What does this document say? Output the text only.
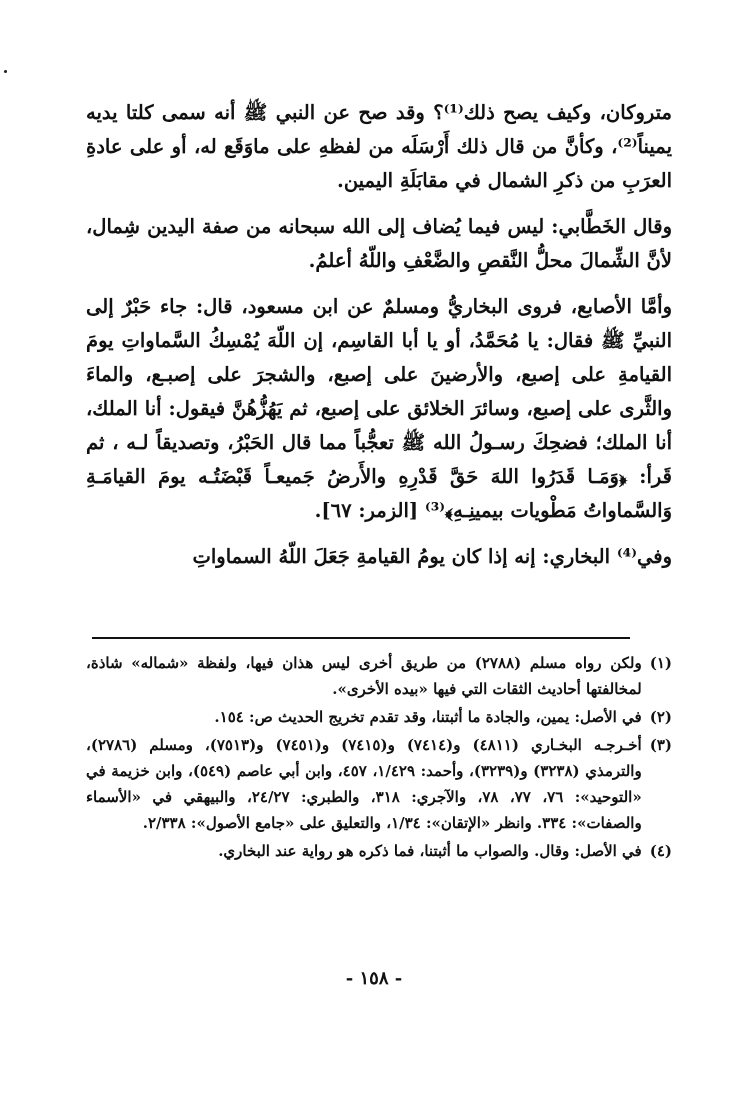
متروكان، وكيف يصح ذلك⁽¹⁾؟ وقد صح عن النبي ﷺ أنه سمى كلتا يديه يميناً⁽²⁾، وكأنَّ من قال ذلك أَرْسَلَه من لفظهِ على ماوَقَع له، أو على عادةِ العرَبِ من ذكرِ الشمال في مقابَلَةِ اليمين.

وقال الخَطَّابي: ليس فيما يُضاف إلى الله سبحانه من صفة اليدين شِمال، لأنَّ الشِّمالَ محلُّ النَّقصِ والضَّعْفِ واللّهُ أعلمُ.

وأمَّا الأصابع، فروى البخاريُّ ومسلمٌ عن ابن مسعود، قال: جاء حَبْرٌ إلى النبيِّ ﷺ فقال: يا مُحَمَّدُ، أو يا أبا القاسِم، إن اللّهَ يُمْسِكُ السَّماواتِ يومَ القيامةِ على إصبع، والأرضينَ على إصبع، والشجرَ على إصبـع، والماءَ والثَّرى على إصبع، وسائرَ الخلائق على إصبع، ثم يَهُزُّهُنَّ فيقول: أنا الملك، أنا الملك؛ فضحِكَ رسـولُ الله ﷺ تعجُّباً مما قال الحَبْرُ، وتصديقاً لـه ، ثم قَرأ: ﴿وَمَـا قَدَرُوا اللهَ حَقَّ قَدْرِهِ والأَرضُ جَميعـاً قَبْضَتُـه يومَ القيامَـةِ وَالسَّماواتُ مَطْويات بيمينِـهِ﴾⁽³⁾ [الزمر: ٦٧].

وفي⁽⁴⁾ البخاري: إنه إذا كان يومُ القيامةِ جَعَلَ اللّهُ السماواتِ

(١)
ولكن رواه مسلم (٢٧٨٨) من طريق أخرى ليس هذان فيها، ولفظة «شماله» شاذة، لمخالفتها أحاديث الثقات التي فيها «بيده الأخرى».
(٢)
في الأصل: يمين، والجادة ما أثبتنا، وقد تقدم تخريج الحديث ص: ١٥٤.
(٣)
أخـرجـه البخـاري (٤٨١١) و(٧٤١٤) و(٧٤١٥) و(٧٤٥١) و(٧٥١٣)، ومسلم (٢٧٨٦)، والترمذي (٣٢٣٨) و(٣٢٣٩)، وأحمد: ١/٤٢٩، ٤٥٧، وابن أبي عاصم (٥٤٩)، وابن خزيمة في «التوحيد»: ٧٦، ٧٧، ٧٨، والآجري: ٣١٨، والطبري: ٢٤/٢٧، والبيهقي في «الأسماء والصفات»: ٣٣٤. وانظر «الإتقان»: ١/٣٤، والتعليق على «جامع الأصول»: ٢/٣٣٨.
(٤)
في الأصل: وقال. والصواب ما أثبتنا، فما ذكره هو رواية عند البخاري.
- ١٥٨ -
